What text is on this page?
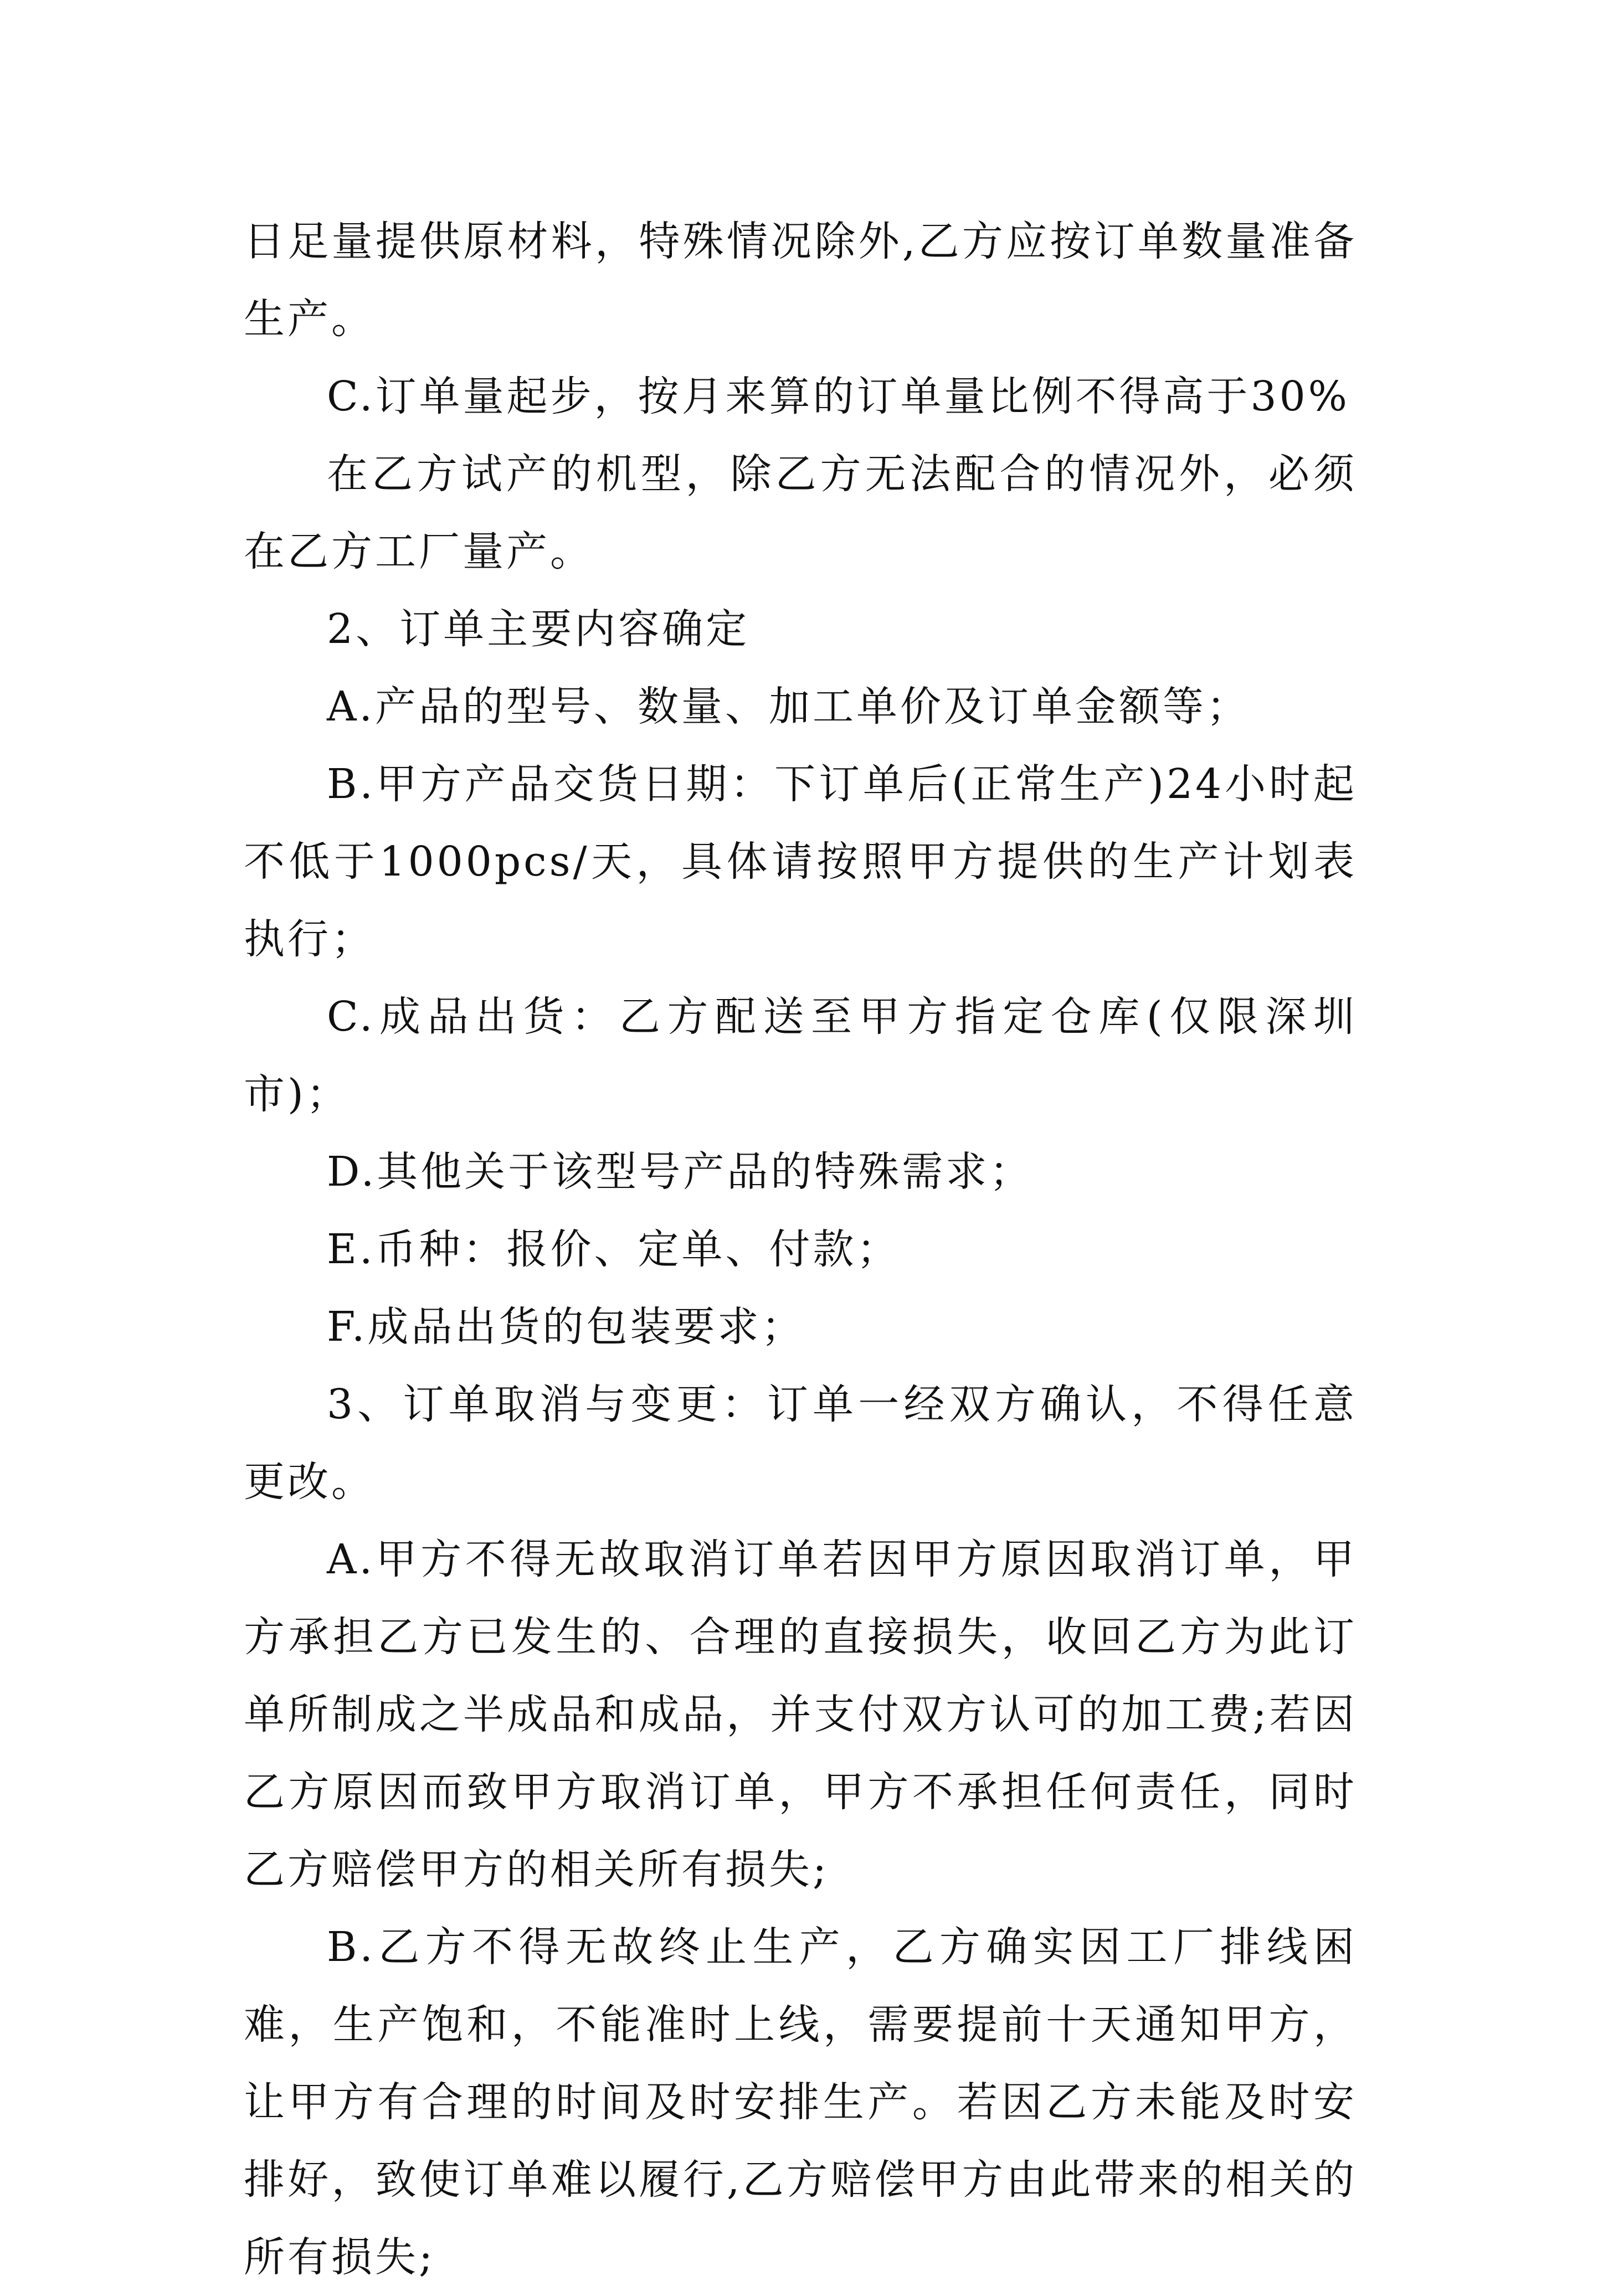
日足量提供原材料，特殊情况除外,乙方应按订单数量准备生产。

C.订单量起步，按月来算的订单量比例不得高于30%

在乙方试产的机型，除乙方无法配合的情况外，必须在乙方工厂量产。

2、订单主要内容确定

A.产品的型号、数量、加工单价及订单金额等；

B.甲方产品交货日期：下订单后(正常生产)24小时起不低于1000pcs/天，具体请按照甲方提供的生产计划表执行；

C.成品出货：乙方配送至甲方指定仓库(仅限深圳市)；

D.其他关于该型号产品的特殊需求；

E.币种：报价、定单、付款；

F.成品出货的包装要求；

3、订单取消与变更：订单一经双方确认，不得任意更改。

A.甲方不得无故取消订单若因甲方原因取消订单，甲方承担乙方已发生的、合理的直接损失，收回乙方为此订单所制成之半成品和成品，并支付双方认可的加工费;若因乙方原因而致甲方取消订单，甲方不承担任何责任，同时乙方赔偿甲方的相关所有损失;

B.乙方不得无故终止生产，乙方确实因工厂排线困难，生产饱和，不能准时上线，需要提前十天通知甲方，让甲方有合理的时间及时安排生产。若因乙方未能及时安排好，致使订单难以履行,乙方赔偿甲方由此带来的相关的所有损失;
